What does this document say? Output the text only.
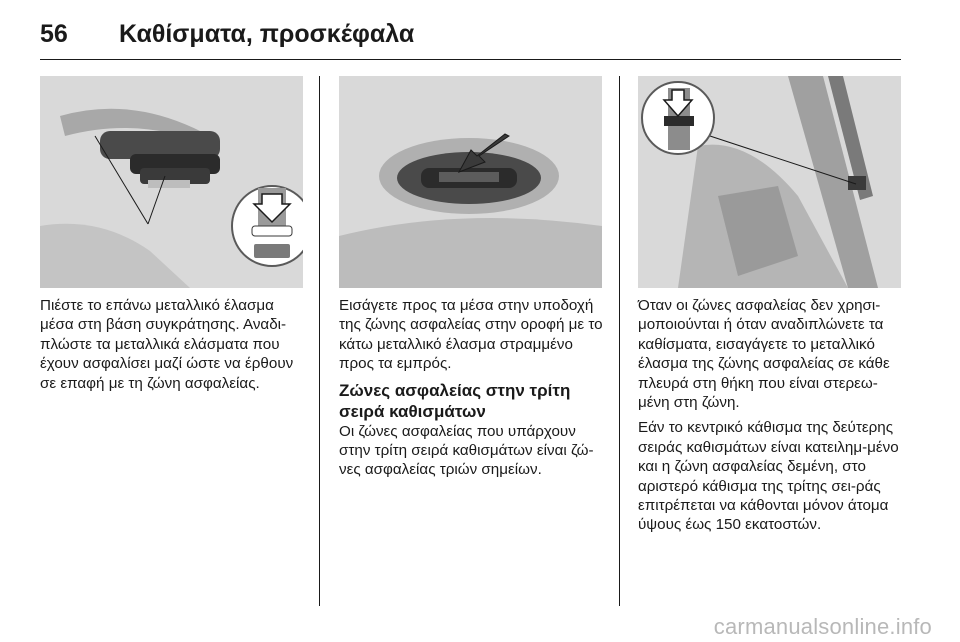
56 Καθίσματα, προσκέφαλα

Πιέστε το επάνω μεταλλικό έλασμα μέσα στη βάση συγκράτησης. Αναδι-πλώστε τα μεταλλικά ελάσματα που έχουν ασφαλίσει μαζί ώστε να έρθουν σε επαφή με τη ζώνη ασφαλείας.

Εισάγετε προς τα μέσα στην υποδοχή της ζώνης ασφαλείας στην οροφή με το κάτω μεταλλικό έλασμα στραμμένο προς τα εμπρός.

Ζώνες ασφαλείας στην τρίτη σειρά καθισμάτων

Οι ζώνες ασφαλείας που υπάρχουν στην τρίτη σειρά καθισμάτων είναι ζώ-νες ασφαλείας τριών σημείων.

Όταν οι ζώνες ασφαλείας δεν χρησι-μοποιούνται ή όταν αναδιπλώνετε τα καθίσματα, εισαγάγετε το μεταλλικό έλασμα της ζώνης ασφαλείας σε κάθε πλευρά στη θήκη που είναι στερεω-μένη στη ζώνη.

Εάν το κεντρικό κάθισμα της δεύτερης σειράς καθισμάτων είναι κατειλημ-μένο και η ζώνη ασφαλείας δεμένη, στο αριστερό κάθισμα της τρίτης σει-ράς επιτρέπεται να κάθονται μόνον άτομα ύψους έως 150 εκατοστών.

carmanualsonline.info
